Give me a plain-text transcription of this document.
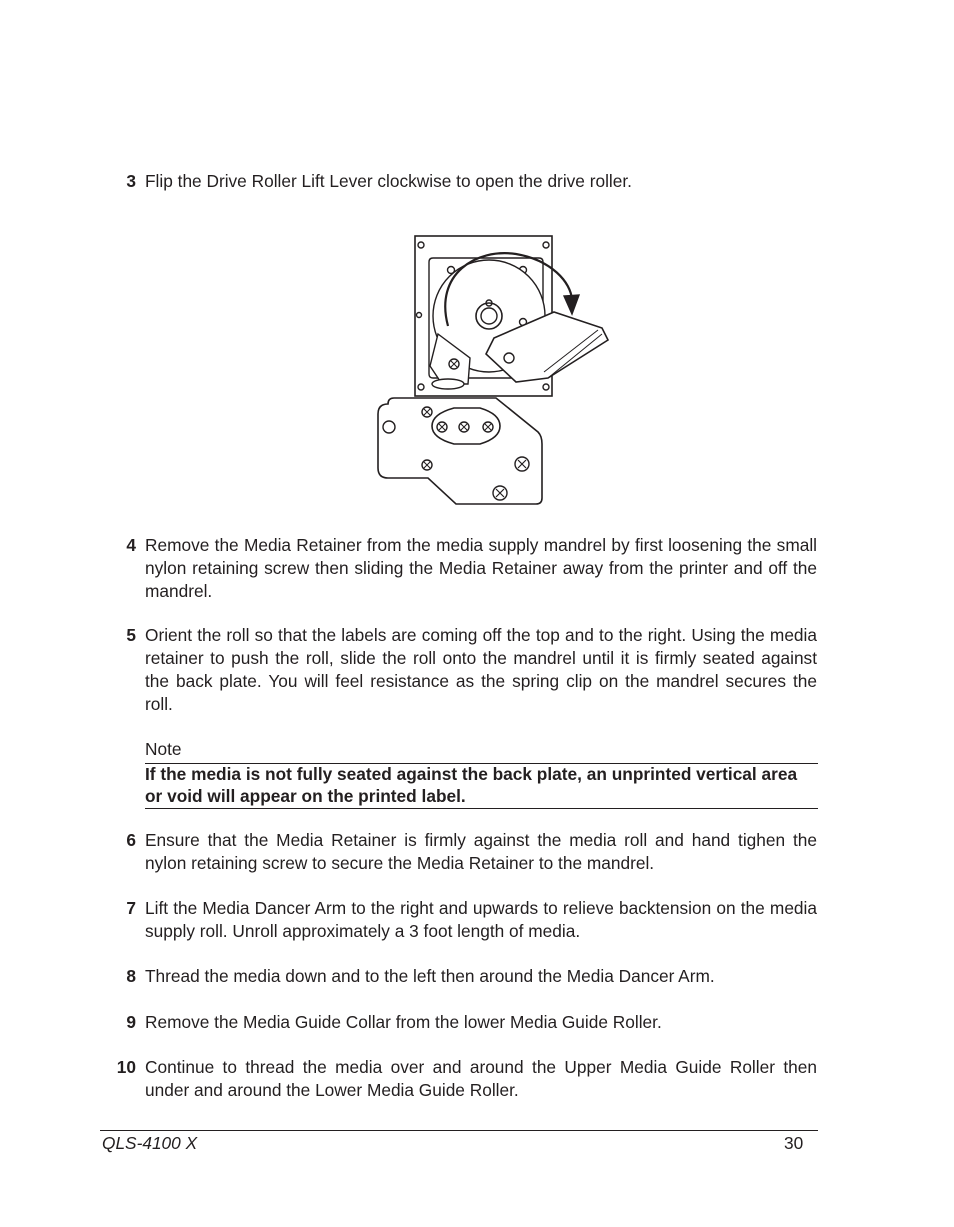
3 Flip the Drive Roller Lift Lever clockwise to open the drive roller.
4 Remove the Media Retainer from the media supply mandrel by first loosening the small nylon retaining screw then sliding the Media Retainer away from the printer and off the mandrel.
5 Orient the roll so that the labels are coming off the top and to the right. Using the media retainer to push the roll, slide the roll onto the mandrel until it is firmly seated against the back plate. You will feel resistance as the spring clip on the mandrel secures the roll.
Note
If the media is not fully seated against the back plate, an unprinted vertical area or void will appear on the printed label.
6 Ensure that the Media Retainer is firmly against the media roll and hand tighen the nylon retaining screw to secure the Media Retainer to the mandrel.
7 Lift the Media Dancer Arm to the right and upwards to relieve backtension on the media supply roll. Unroll approximately a 3 foot length of media.
8 Thread the media down and to the left then around the Media Dancer Arm.
9 Remove the Media Guide Collar from the lower Media Guide Roller.
10 Continue to thread the media over and around the Upper Media Guide Roller then under and around the Lower Media Guide Roller.
QLS-4100 X	30
